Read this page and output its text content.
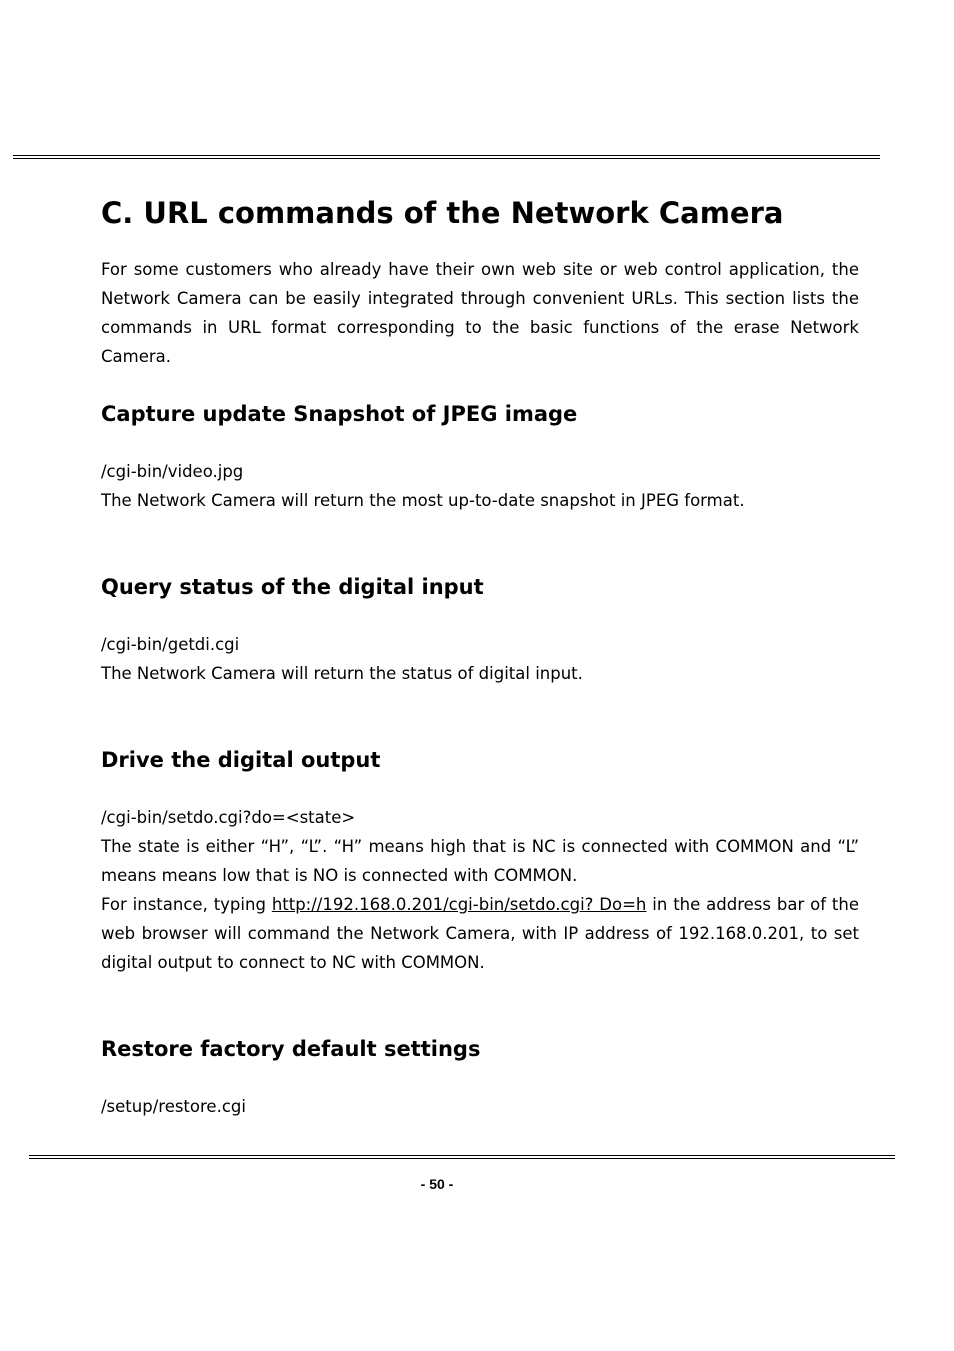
C. URL commands of the Network Camera

For some customers who already have their own web site or web control application, the Network Camera can be easily integrated through convenient URLs. This section lists the commands in URL format corresponding to the basic functions of the erase Network Camera.

Capture update Snapshot of JPEG image

/cgi-bin/video.jpg

The Network Camera will return the most up-to-date snapshot in JPEG format.

Query status of the digital input

/cgi-bin/getdi.cgi

The Network Camera will return the status of digital input.

Drive the digital output

/cgi-bin/setdo.cgi?do=<state>

The state is either “H”, “L”. “H” means high that is NC is connected with COMMON and “L” means means low that is NO is connected with COMMON.

For instance, typing http://192.168.0.201/cgi-bin/setdo.cgi? Do=h in the address bar of the web browser will command the Network Camera, with IP address of 192.168.0.201, to set digital output to connect to NC with COMMON.

Restore factory default settings

/setup/restore.cgi

- 50 -
